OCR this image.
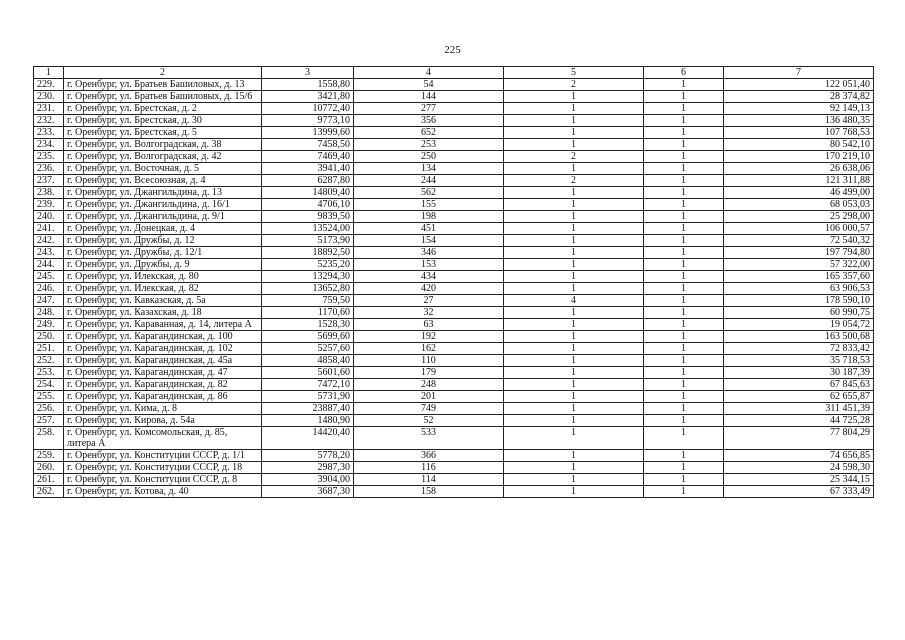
225
1	2	3	4	5	6	7
229.	г. Оренбург, ул. Братьев Башиловых, д. 13	1558,80	54	2	1	122 051,40
230.	г. Оренбург, ул. Братьев Башиловых, д. 15/6	3421,80	144	1	1	28 374,82
231.	г. Оренбург, ул. Брестская, д. 2	10772,40	277	1	1	92 149,13
232.	г. Оренбург, ул. Брестская, д. 30	9773,10	356	1	1	136 480,35
233.	г. Оренбург, ул. Брестская, д. 5	13999,60	652	1	1	107 768,53
234.	г. Оренбург, ул. Волгоградская, д. 38	7458,50	253	1	1	80 542,10
235.	г. Оренбург, ул. Волгоградская, д. 42	7469,40	250	2	1	170 219,10
236.	г. Оренбург, ул. Восточная, д. 5	3941,40	134	1	1	26 638,06
237.	г. Оренбург, ул. Всесоюзная, д. 4	6287,80	244	2	1	121 311,88
238.	г. Оренбург, ул. Джангильдина, д. 13	14809,40	562	1	1	46 499,00
239.	г. Оренбург, ул. Джангильдина, д. 16/1	4706,10	155	1	1	68 053,03
240.	г. Оренбург, ул. Джангильдина, д. 9/1	9839,50	198	1	1	25 298,00
241.	г. Оренбург, ул. Донецкая, д. 4	13524,00	451	1	1	106 000,57
242.	г. Оренбург, ул. Дружбы, д. 12	5173,90	154	1	1	72 540,32
243.	г. Оренбург, ул. Дружбы, д. 12/1	18892,50	346	1	1	197 794,80
244.	г. Оренбург, ул. Дружбы, д. 9	5235,20	153	1	1	57 322,00
245.	г. Оренбург, ул. Илекская, д. 80	13294,30	434	1	1	165 357,60
246.	г. Оренбург, ул. Илекская, д. 82	13652,80	420	1	1	63 906,53
247.	г. Оренбург, ул. Кавказская, д. 5а	759,50	27	4	1	178 590,10
248.	г. Оренбург, ул. Казахская, д. 18	1170,60	32	1	1	60 990,75
249.	г. Оренбург, ул. Караванная, д. 14, литера А	1528,30	63	1	1	19 054,72
250.	г. Оренбург, ул. Карагандинская, д. 100	5699,60	192	1	1	163 500,68
251.	г. Оренбург, ул. Карагандинская, д. 102	5257,60	162	1	1	72 833,42
252.	г. Оренбург, ул. Карагандинская, д. 45а	4858,40	110	1	1	35 718,53
253.	г. Оренбург, ул. Карагандинская, д. 47	5601,60	179	1	1	30 187,39
254.	г. Оренбург, ул. Карагандинская, д. 82	7472,10	248	1	1	67 845,63
255.	г. Оренбург, ул. Карагандинская, д. 86	5731,90	201	1	1	62 655,87
256.	г. Оренбург, ул. Кима, д. 8	23887,40	749	1	1	311 451,39
257.	г. Оренбург, ул. Кирова, д. 54а	1480,90	52	1	1	44 725,28
258.	г. Оренбург, ул. Комсомольская, д. 85, литера А	14420,40	533	1	1	77 804,29
259.	г. Оренбург, ул. Конституции СССР, д. 1/1	5778,20	366	1	1	74 656,85
260.	г. Оренбург, ул. Конституции СССР, д. 18	2987,30	116	1	1	24 598,30
261.	г. Оренбург, ул. Конституции СССР, д. 8	3904,00	114	1	1	25 344,15
262.	г. Оренбург, ул. Котова, д. 40	3687,30	158	1	1	67 333,49
